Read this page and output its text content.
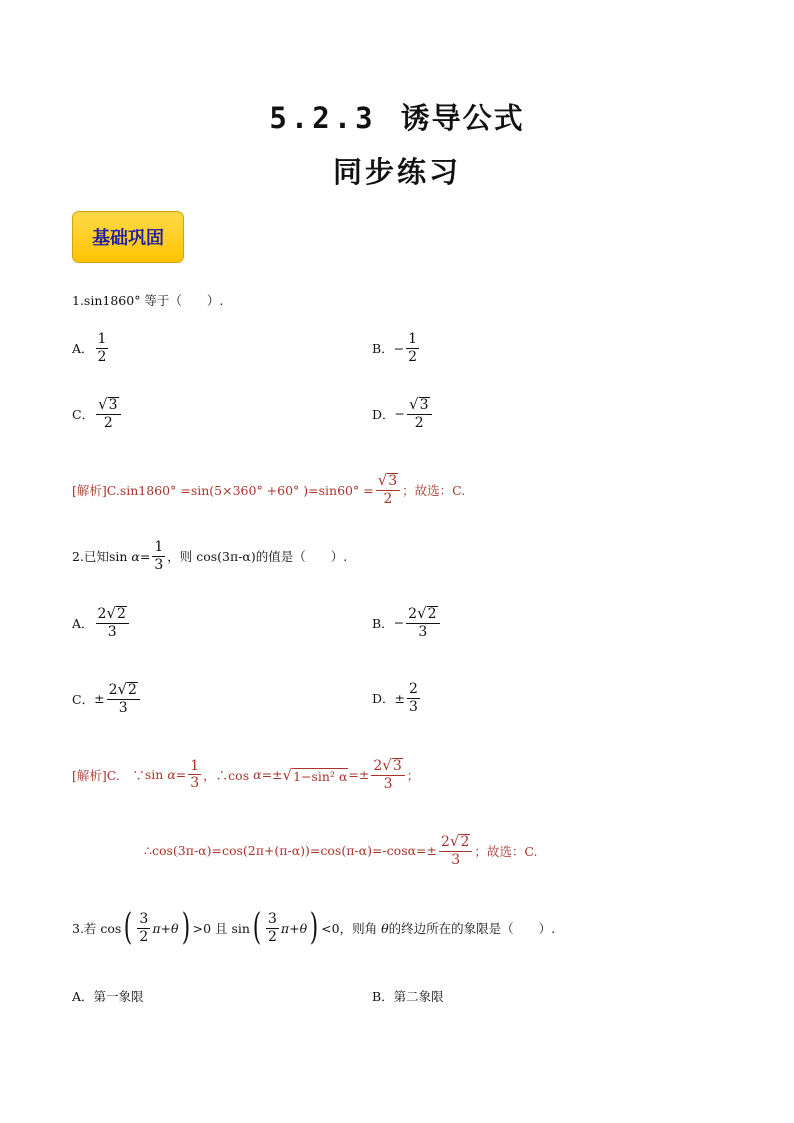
5.2.3 诱导公式
同步练习
基础巩固
1.sin1860° 等于（　　）.
A． $\frac{1}{2}$	B． − $\frac{1}{2}$
C． $\frac{√ 3}{2}$	D． − $\frac{√ 3}{2}$
[解析]C.sin1860° =sin(5×360° +60° )$=\sin 60^\circ = \frac{√ 3}{2}$ ；故选：C.
2.已知 sin
$\alpha = \frac{1}{3}$ ，则 cos(3π-α)的值是（　　）.
A． $\frac{2 √ 2}{3}$	B． − $\frac{2 √ 2}{3}$
C． ± $\frac{2 √ 2}{3}$	D． ± $\frac{2}{3}$
[解析]C.　∵ sin
$\alpha = \frac{1}{3}$ ，∴cos
α =± √ 1−sin² $\alpha =\pm \frac{2 √ 3}{3}$ ；
∴cos(3π-α)=cos(2π+(π-α))=cos(π-α)=-cosα=± $\frac{2 √ 2}{3}$ ；故选：C.
3.若 cos ( $\frac{3}{2} \pi+\theta$ ) > 0 且 sin ( $\frac{3}{2} \pi+\theta$ ) < 0，则角
θ 的终边所在的象限是（　　）.
A．第一象限	B．第二象限
